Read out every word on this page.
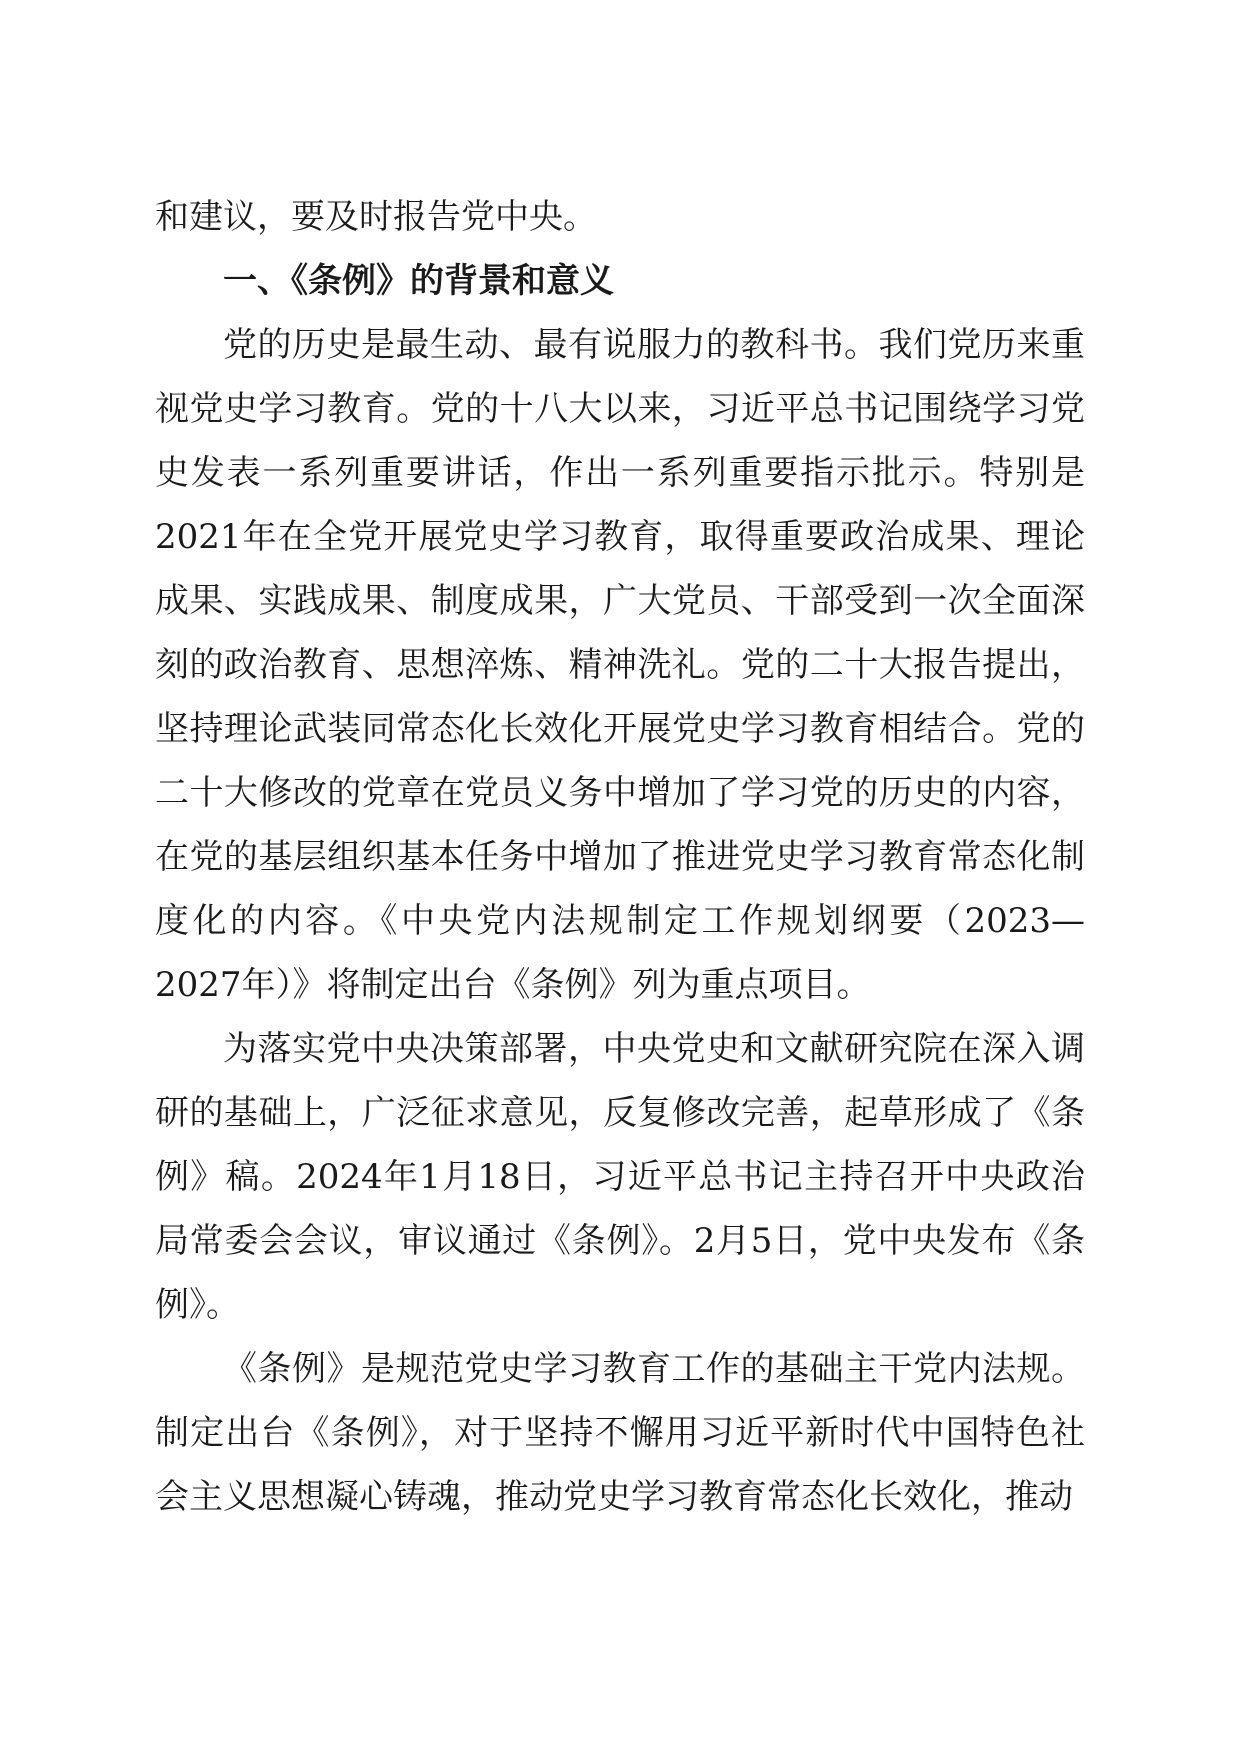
和建议，要及时报告党中央。

一、《条例》的背景和意义

党的历史是最生动、最有说服力的教科书。我们党历来重视党史学习教育。党的十八大以来，习近平总书记围绕学习党史发表一系列重要讲话，作出一系列重要指示批示。特别是2021年在全党开展党史学习教育，取得重要政治成果、理论成果、实践成果、制度成果，广大党员、干部受到一次全面深刻的政治教育、思想淬炼、精神洗礼。党的二十大报告提出，坚持理论武装同常态化长效化开展党史学习教育相结合。党的二十大修改的党章在党员义务中增加了学习党的历史的内容，在党的基层组织基本任务中增加了推进党史学习教育常态化制度化的内容。《中央党内法规制定工作规划纲要（2023—2027年）》将制定出台《条例》列为重点项目。

为落实党中央决策部署，中央党史和文献研究院在深入调研的基础上，广泛征求意见，反复修改完善，起草形成了《条例》稿。2024年1月18日，习近平总书记主持召开中央政治局常委会会议，审议通过《条例》。2月5日，党中央发布《条例》。

《条例》是规范党史学习教育工作的基础主干党内法规。制定出台《条例》，对于坚持不懈用习近平新时代中国特色社会主义思想凝心铸魂，推动党史学习教育常态化长效化，推动
